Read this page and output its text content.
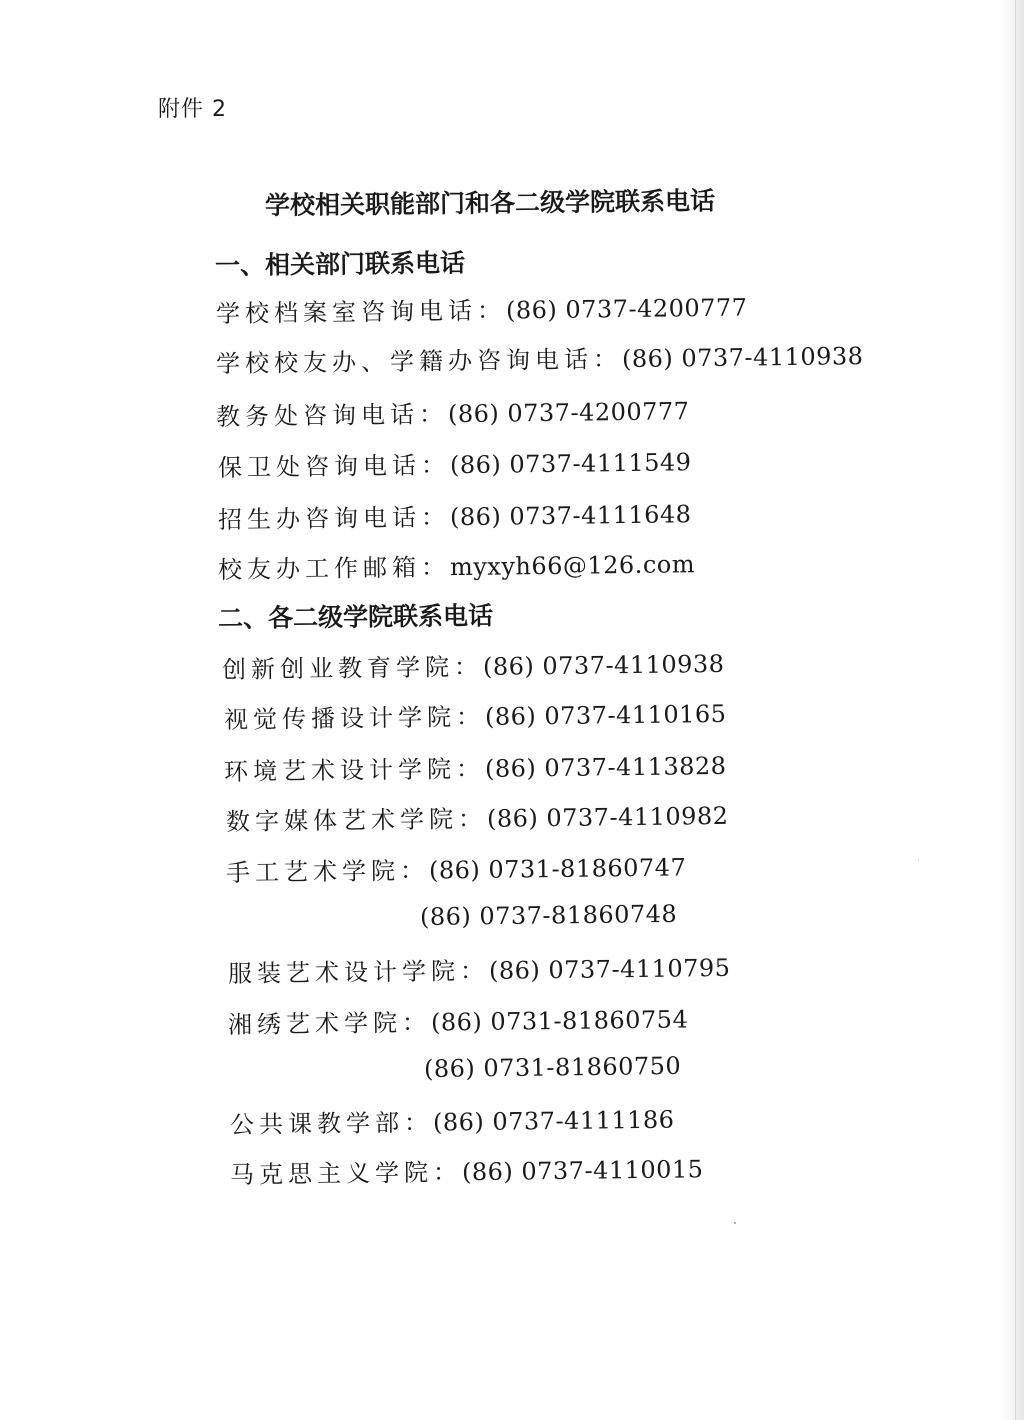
附件 2
学校相关职能部门和各二级学院联系电话
一、相关部门联系电话
学校档案室咨询电话：(86) 0737-4200777
学校校友办、学籍办咨询电话：(86) 0737-4110938
教务处咨询电话：(86) 0737-4200777
保卫处咨询电话：(86) 0737-4111549
招生办咨询电话：(86) 0737-4111648
校友办工作邮箱：myxyh66@126.com
二、各二级学院联系电话
创新创业教育学院：(86) 0737-4110938
视觉传播设计学院：(86) 0737-4110165
环境艺术设计学院：(86) 0737-4113828
数字媒体艺术学院：(86) 0737-4110982
手工艺术学院：(86) 0731-81860747
(86) 0737-81860748
服装艺术设计学院：(86) 0737-4110795
湘绣艺术学院：(86) 0731-81860754
(86) 0731-81860750
公共课教学部：(86) 0737-4111186
马克思主义学院：(86) 0737-4110015
